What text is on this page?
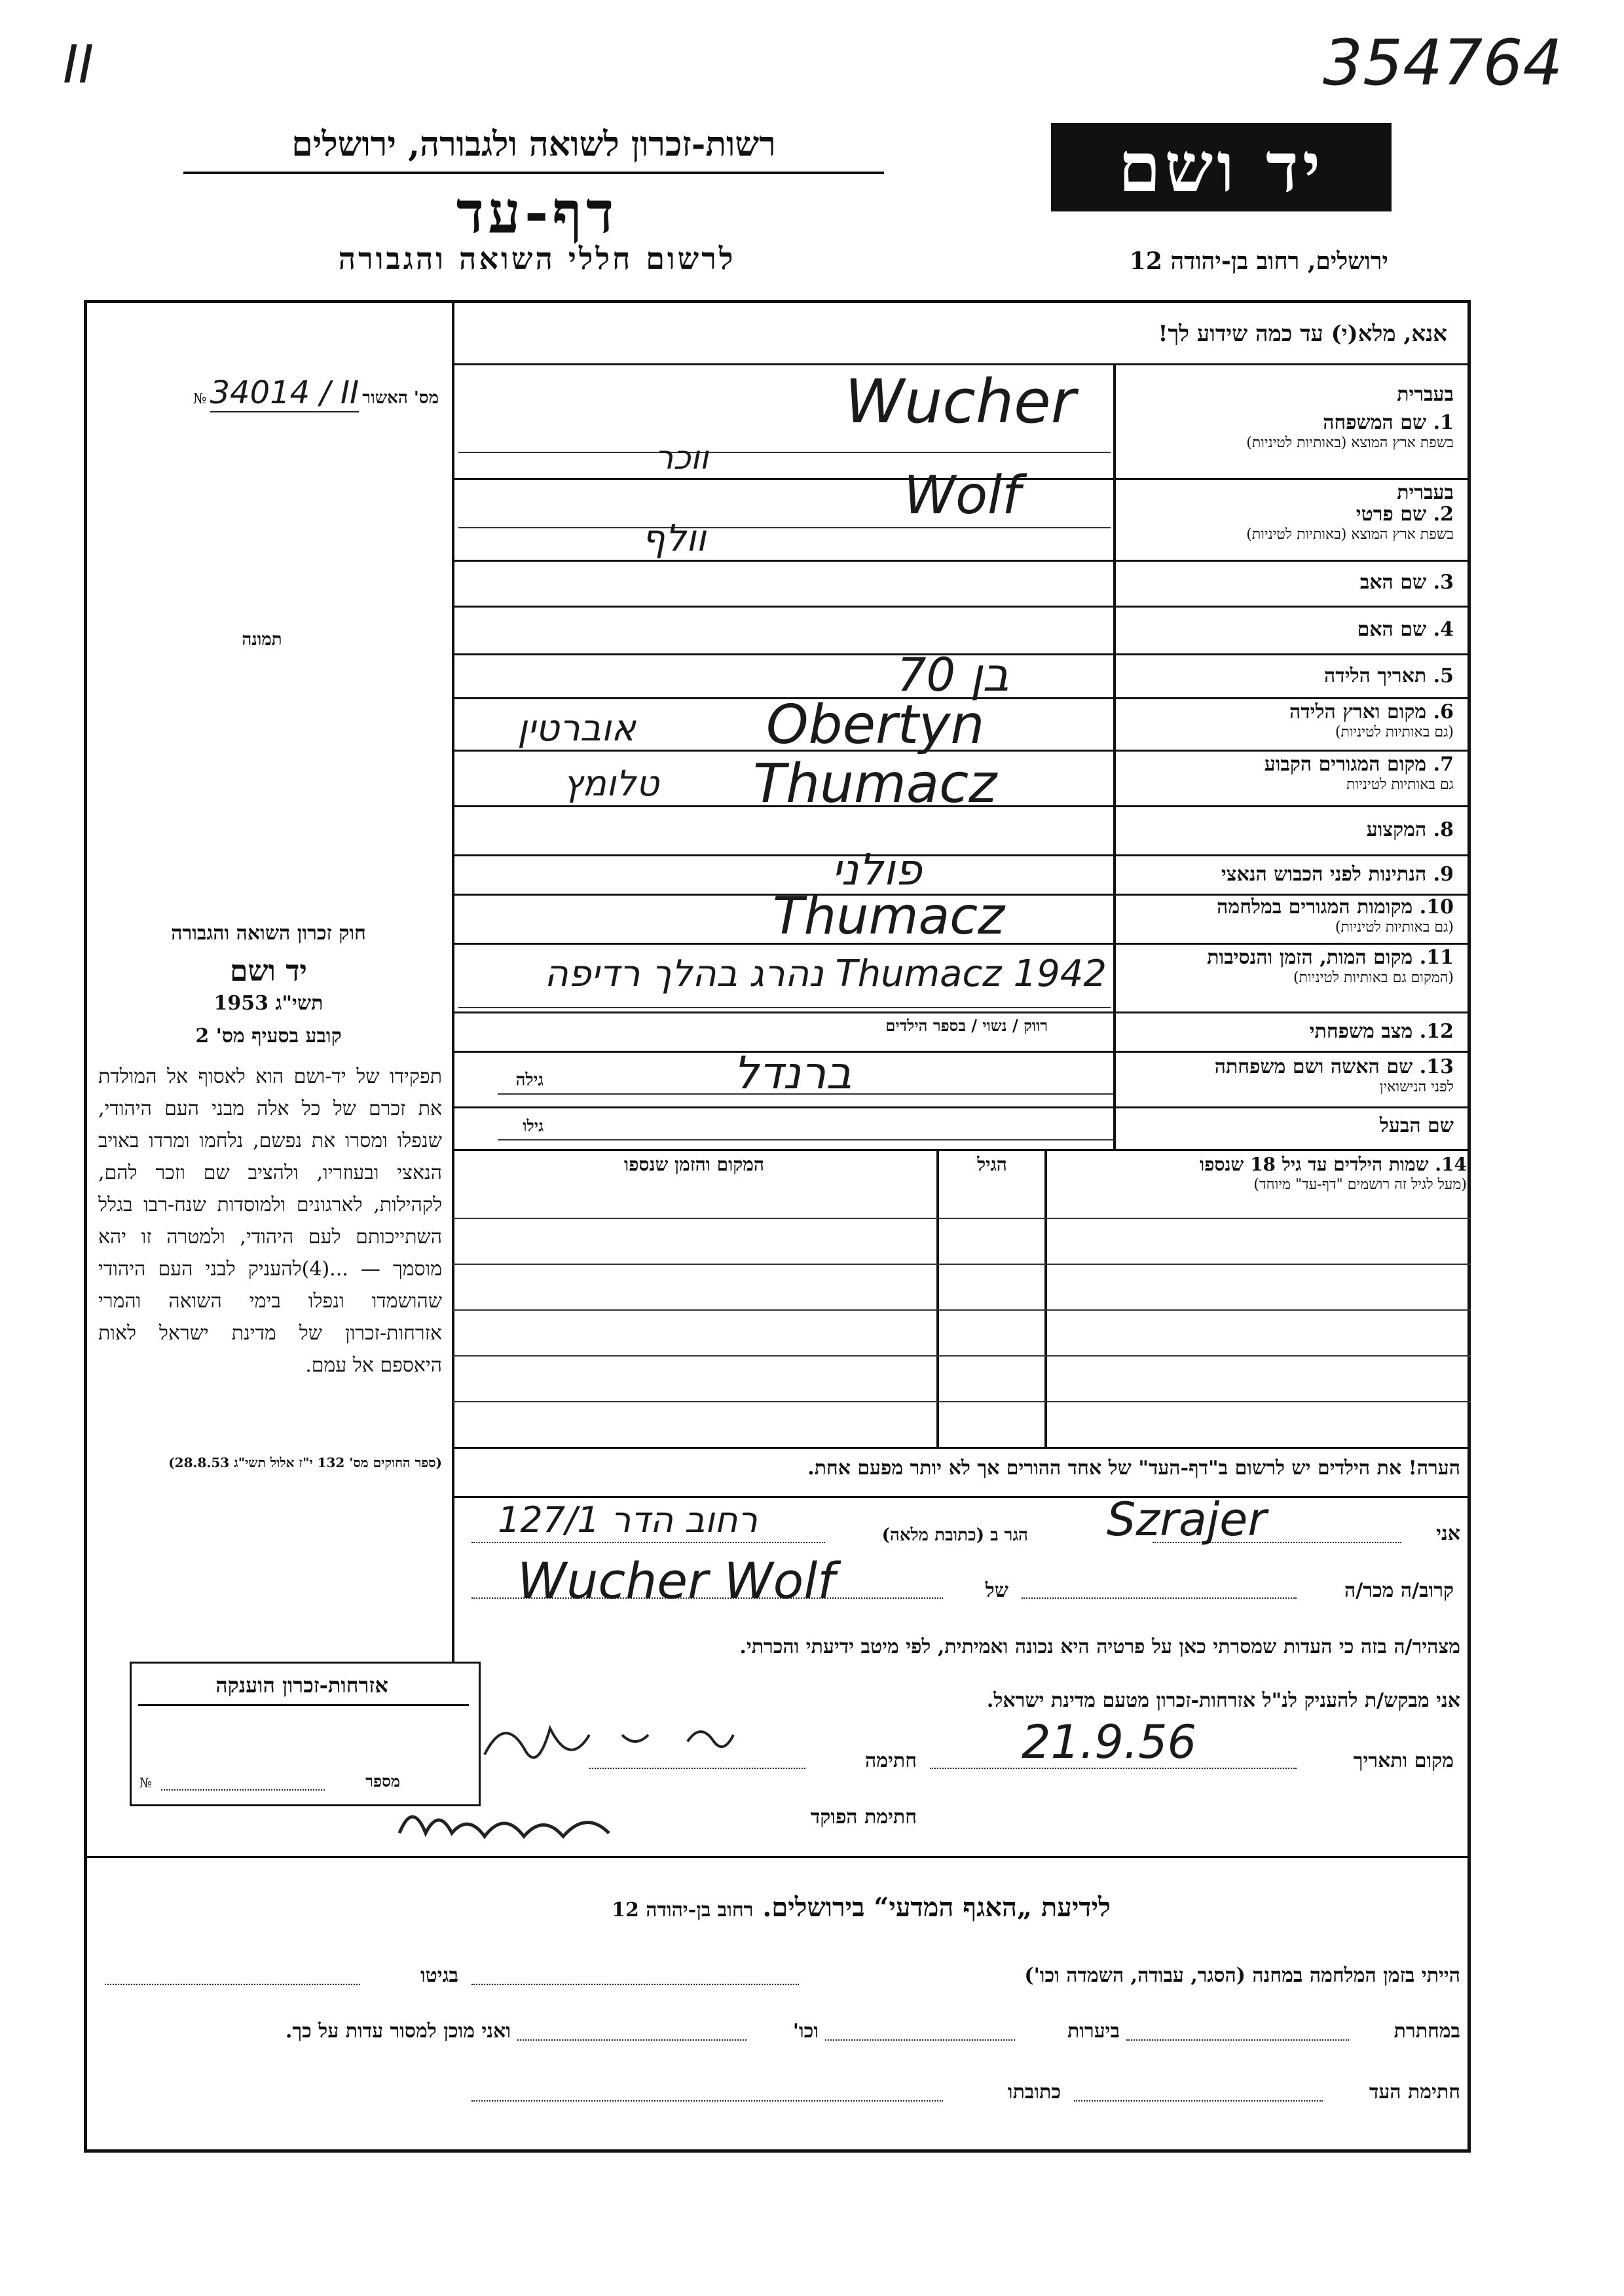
ΙΙ	354764
רשות-זכרון לשואה ולגבורה, ירושלים
דף-עד
לרשום חללי השואה והגבורה
יד ושם
ירושלים, רחוב בן-יהודה 12
אנא, מלא(י) עד כמה שידוע לך!
מס' האשור 34014 / II №
תמונה
בעברית
1. שם המשפחה
בשפת ארץ המוצא (באותיות לטיניות)
Wucher
ווכר
בעברית
2. שם פרטי
בשפת ארץ המוצא (באותיות לטיניות)
Wolf
וולף
3. שם האב
4. שם האם
5. תאריך הלידה
בן 70
6. מקום וארץ הלידה
(גם באותיות לטיניות)
Obertyn
אוברטין
7. מקום המגורים הקבוע
גם באותיות לטיניות
Thumacz
טלומץ
8. המקצוע
9. הנתינות לפני הכבוש הנאצי
פולני
10. מקומות המגורים במלחמה
(גם באותיות לטיניות)
Thumacz
11. מקום המות, הזמן והנסיבות
(המקום גם באותיות לטיניות)
Thumacz 1942 נהרג בהלך רדיפה
12. מצב משפחתי
רווק / נשוי / בספר הילדים
13. שם האשה ושם משפחתה
לפני הנישואין
גילה	ברנדל
שם הבעל
גילו
14. שמות הילדים עד גיל 18 שנספו
(מעל לגיל זה רושמים "דף-עד" מיוחד)
הגיל
המקום והזמן שנספו
הערה! את הילדים יש לרשום ב"דף-העד" של אחד ההורים אך לא יותר מפעם אחת.
חוק זכרון השואה והגבורה
יד ושם
תשי"ג 1953
קובע בסעיף מס' 2
תפקידו של יד-ושם הוא לאסוף אל המולדת את זכרם של כל אלה מבני העם היהודי, שנפלו ומסרו את נפשם, נלחמו ומרדו באויב הנאצי ובעוזריו, ולהציב שם וזכר להם, לקהילות, לארגונים ולמוסדות שנח-רבו בגלל השתייכותם לעם היהודי, ולמטרה זו יהא מוסמך — ...(4)להעניק לבני העם היהודי שהושמדו ונפלו בימי השואה והמרי אזרחות-זכרון של מדינת ישראל לאות היאספם אל עמם.
(ספר החוקים מס' 132 י"ז אלול תשי"ג 28.8.53)
אני
Szrajer
הגר ב (כתובת מלאה)
רחוב הדר 127/1
קרוב/ה מכר/ה
של
Wucher Wolf
מצהיר/ה בזה כי העדות שמסרתי כאן על פרטיה היא נכונה ואמיתית, לפי מיטב ידיעתי והכרתי.
אני מבקש/ת להעניק לנ"ל אזרחות-זכרון מטעם מדינת ישראל.
מקום ותאריך
21.9.56
חתימה
חתימת הפוקד
אזרחות-זכרון הוענקה
מספר
№
לידיעת „האגף המדעי“ בירושלים. רחוב בן-יהודה 12
הייתי בזמן המלחמה במחנה (הסגר, עבודה, השמדה וכו')
בגיטו
במחתרת
ביערות
וכו'
ואני מוכן למסור עדות על כך.
חתימת העד
כתובתו
